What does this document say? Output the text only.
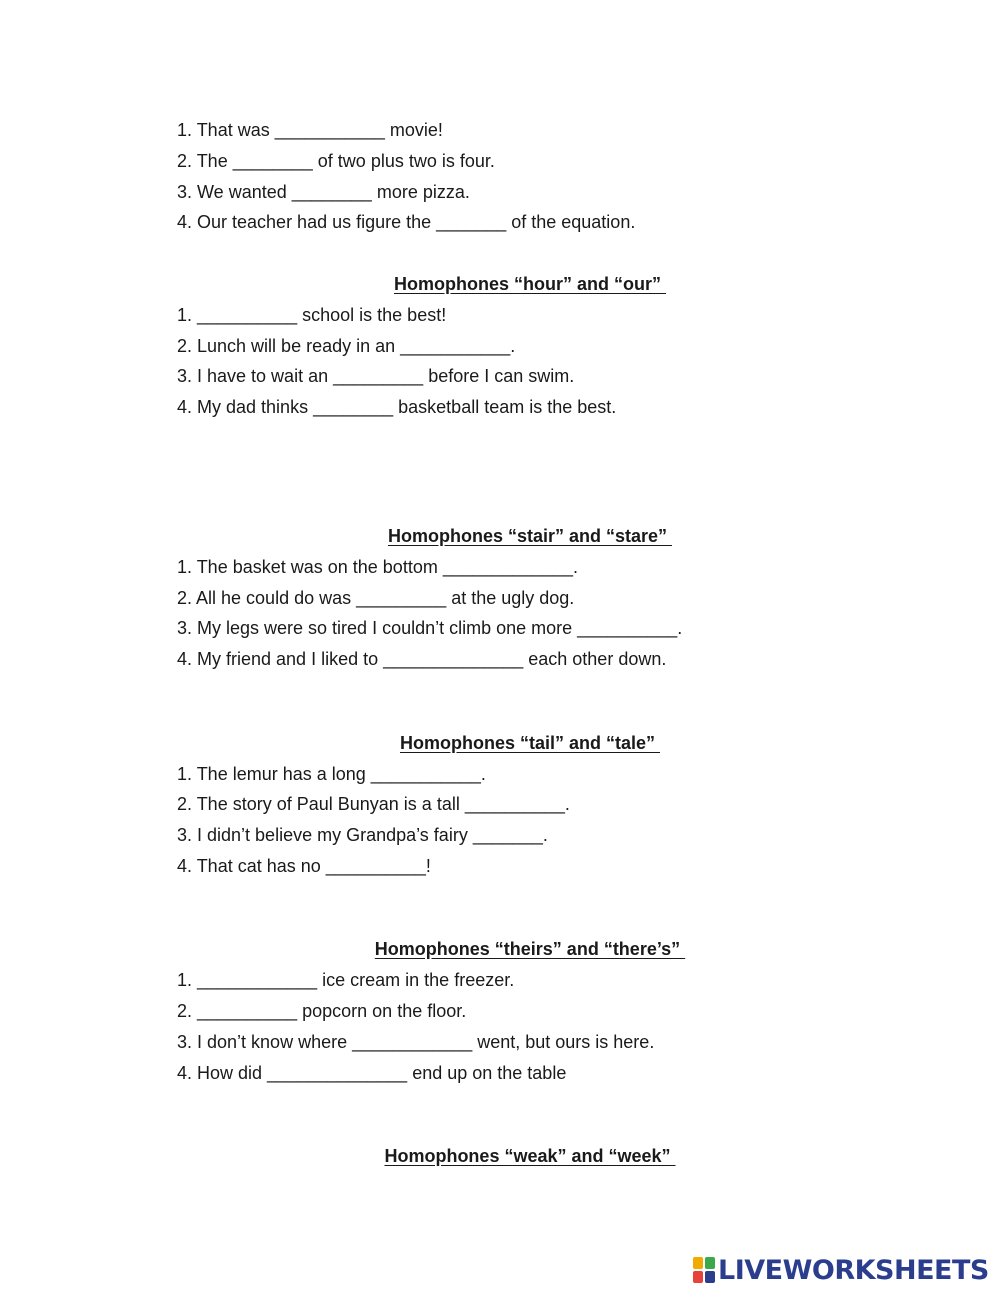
1. That was ___________ movie!
2. The ________ of two plus two is four.
3. We wanted ________ more pizza.
4. Our teacher had us figure the _______ of the equation.
Homophones “hour” and “our”
1. __________ school is the best!
2. Lunch will be ready in an ___________.
3. I have to wait an _________ before I can swim.
4. My dad thinks ________ basketball team is the best.
Homophones “stair” and “stare”
1. The basket was on the bottom _____________.
2. All he could do was _________ at the ugly dog.
3. My legs were so tired I couldn’t climb one more __________.
4. My friend and I liked to ______________ each other down.
Homophones “tail” and “tale”
1. The lemur has a long ___________.
2. The story of Paul Bunyan is a tall __________.
3. I didn’t believe my Grandpa’s fairy _______.
4. That cat has no __________!
Homophones “theirs” and “there’s”
1. ____________ ice cream in the freezer.
2. __________ popcorn on the floor.
3. I don’t know where ____________ went, but ours is here.
4. How did ______________ end up on the table
Homophones “weak” and “week”
LIVEWORKSHEETS
